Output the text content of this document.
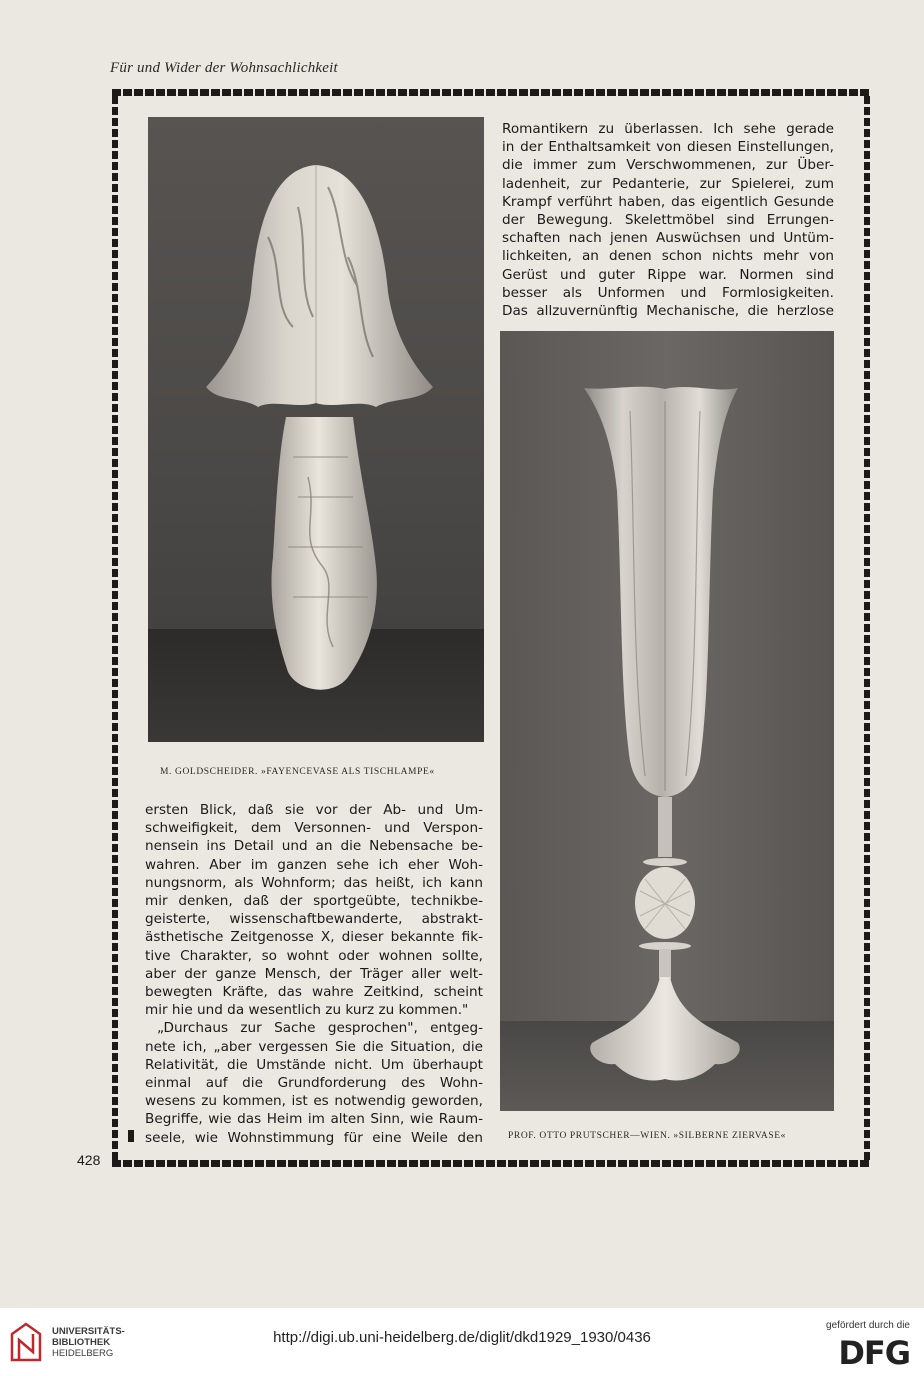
Für und Wider der Wohnsachlichkeit
428
M. GOLDSCHEIDER. »FAYENCEVASE ALS TISCHLAMPE«
PROF. OTTO PRUTSCHER—WIEN. »SILBERNE ZIERVASE«
Romantikern zu überlassen. Ich sehe gerade
in der Enthaltsamkeit von diesen Einstellungen,
die immer zum Verschwommenen, zur Über-
ladenheit, zur Pedanterie, zur Spielerei, zum
Krampf verführt haben, das eigentlich Gesunde
der Bewegung. Skelettmöbel sind Errungen-
schaften nach jenen Auswüchsen und Untüm-
lichkeiten, an denen schon nichts mehr von
Gerüst und guter Rippe war. Normen sind
besser als Unformen und Formlosigkeiten.
Das allzuvernünftig Mechanische, die herzlose
ersten Blick, daß sie vor der Ab- und Um-
schweifigkeit, dem Versonnen- und Verspon-
nensein ins Detail und an die Nebensache be-
wahren. Aber im ganzen sehe ich eher Woh-
nungsnorm, als Wohnform; das heißt, ich kann
mir denken, daß der sportgeübte, technikbe-
geisterte, wissenschaftbewanderte, abstrakt-
ästhetische Zeitgenosse X, dieser bekannte fik-
tive Charakter, so wohnt oder wohnen sollte,
aber der ganze Mensch, der Träger aller welt-
bewegten Kräfte, das wahre Zeitkind, scheint
mir hie und da wesentlich zu kurz zu kommen."
„Durchaus zur Sache gesprochen", entgeg-
nete ich, „aber vergessen Sie die Situation, die
Relativität, die Umstände nicht. Um überhaupt
einmal auf die Grundforderung des Wohn-
wesens zu kommen, ist es notwendig geworden,
Begriffe, wie das Heim im alten Sinn, wie Raum-
seele, wie Wohnstimmung für eine Weile den
UNIVERSITÄTS-
BIBLIOTHEK
HEIDELBERG
http://digi.ub.uni-heidelberg.de/diglit/dkd1929_1930/0436
gefördert durch die
DFG
